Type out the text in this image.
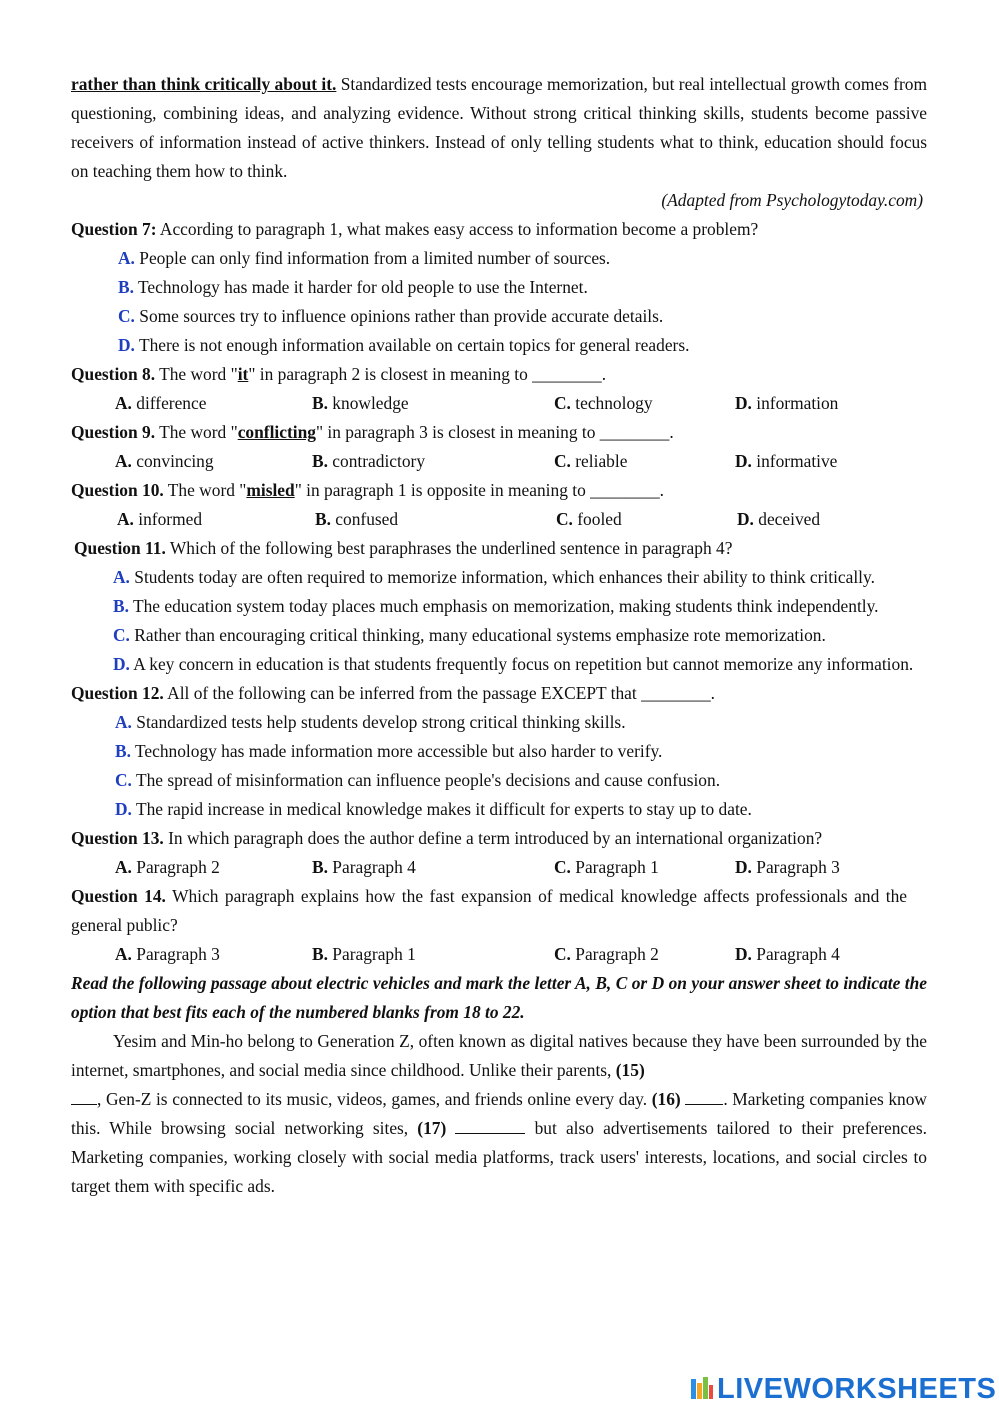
rather than think critically about it. Standardized tests encourage memorization, but real intellectual growth comes from questioning, combining ideas, and analyzing evidence. Without strong critical thinking skills, students become passive receivers of information instead of active thinkers. Instead of only telling students what to think, education should focus on teaching them how to think.

(Adapted from Psychologytoday.com)

Question 7: According to paragraph 1, what makes easy access to information become a problem?

A. People can only find information from a limited number of sources.
B. Technology has made it harder for old people to use the Internet.
C. Some sources try to influence opinions rather than provide accurate details.
D. There is not enough information available on certain topics for general readers.

Question 8. The word "it" in paragraph 2 is closest in meaning to ________.

A. difference	B. knowledge	C. technology	D. information

Question 9. The word "conflicting" in paragraph 3 is closest in meaning to ________.

A. convincing	B. contradictory	C. reliable	D. informative

Question 10. The word "misled" in paragraph 1 is opposite in meaning to ________.

A. informed	B. confused	C. fooled	D. deceived

Question 11. Which of the following best paraphrases the underlined sentence in paragraph 4?

A. Students today are often required to memorize information, which enhances their ability to think critically.

B. The education system today places much emphasis on memorization, making students think independently.

C. Rather than encouraging critical thinking, many educational systems emphasize rote memorization.

D. A key concern in education is that students frequently focus on repetition but cannot memorize any information.

Question 12. All of the following can be inferred from the passage EXCEPT that ________.

A. Standardized tests help students develop strong critical thinking skills.
B. Technology has made information more accessible but also harder to verify.
C. The spread of misinformation can influence people's decisions and cause confusion.
D. The rapid increase in medical knowledge makes it difficult for experts to stay up to date.

Question 13. In which paragraph does the author define a term introduced by an international organization?

A. Paragraph 2	B. Paragraph 4	C. Paragraph 1	D. Paragraph 3

Question 14. Which paragraph explains how the fast expansion of medical knowledge affects professionals and the general public?

A. Paragraph 3	B. Paragraph 1	C. Paragraph 2	D. Paragraph 4

Read the following passage about electric vehicles and mark the letter A, B, C or D on your answer sheet to indicate the option that best fits each of the numbered blanks from 18 to 22.

Yesim and Min-ho belong to Generation Z, often known as digital natives because they have been surrounded by the internet, smartphones, and social media since childhood. Unlike their parents, (15)
, Gen-Z is connected to its music, videos, games, and friends online every day. (16) . Marketing companies know this. While browsing social networking sites, (17)	but also advertisements tailored to their preferences. Marketing companies, working closely with social media platforms, track users' interests, locations, and social circles to target them with specific ads.

LIVEWORKSHEETS
